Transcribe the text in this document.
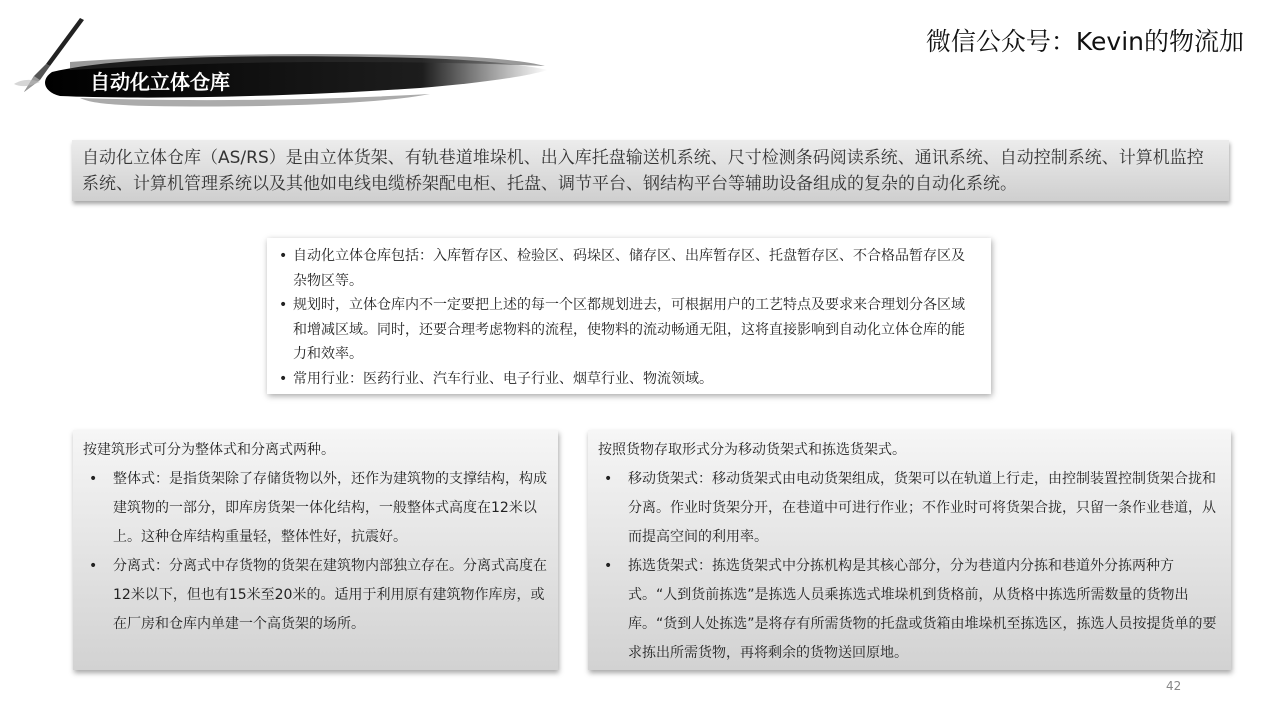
自动化立体仓库
微信公众号：Kevin的物流加

自动化立体仓库（AS/RS）是由立体货架、有轨巷道堆垛机、出入库托盘输送机系统、尺寸检测条码阅读系统、通讯系统、自动控制系统、计算机监控系统、计算机管理系统以及其他如电线电缆桥架配电柜、托盘、调节平台、钢结构平台等辅助设备组成的复杂的自动化系统。

• 自动化立体仓库包括：入库暂存区、检验区、码垛区、储存区、出库暂存区、托盘暂存区、不合格品暂存区及杂物区等。
• 规划时，立体仓库内不一定要把上述的每一个区都规划进去，可根据用户的工艺特点及要求来合理划分各区域和增减区域。同时，还要合理考虑物料的流程，使物料的流动畅通无阻，这将直接影响到自动化立体仓库的能力和效率。
• 常用行业：医药行业、汽车行业、电子行业、烟草行业、物流领域。
按建筑形式可分为整体式和分离式两种。
• 整体式：是指货架除了存储货物以外，还作为建筑物的支撑结构，构成建筑物的一部分，即库房货架一体化结构，一般整体式高度在12米以上。这种仓库结构重量轻，整体性好，抗震好。
• 分离式：分离式中存货物的货架在建筑物内部独立存在。分离式高度在12米以下，但也有15米至20米的。适用于利用原有建筑物作库房，或在厂房和仓库内单建一个高货架的场所。
按照货物存取形式分为移动货架式和拣选货架式。
• 移动货架式：移动货架式由电动货架组成，货架可以在轨道上行走，由控制装置控制货架合拢和分离。作业时货架分开，在巷道中可进行作业；不作业时可将货架合拢，只留一条作业巷道，从而提高空间的利用率。
• 拣选货架式：拣选货架式中分拣机构是其核心部分，分为巷道内分拣和巷道外分拣两种方式。“人到货前拣选”是拣选人员乘拣选式堆垛机到货格前，从货格中拣选所需数量的货物出库。“货到人处拣选”是将存有所需货物的托盘或货箱由堆垛机至拣选区，拣选人员按提货单的要求拣出所需货物，再将剩余的货物送回原地。
42
